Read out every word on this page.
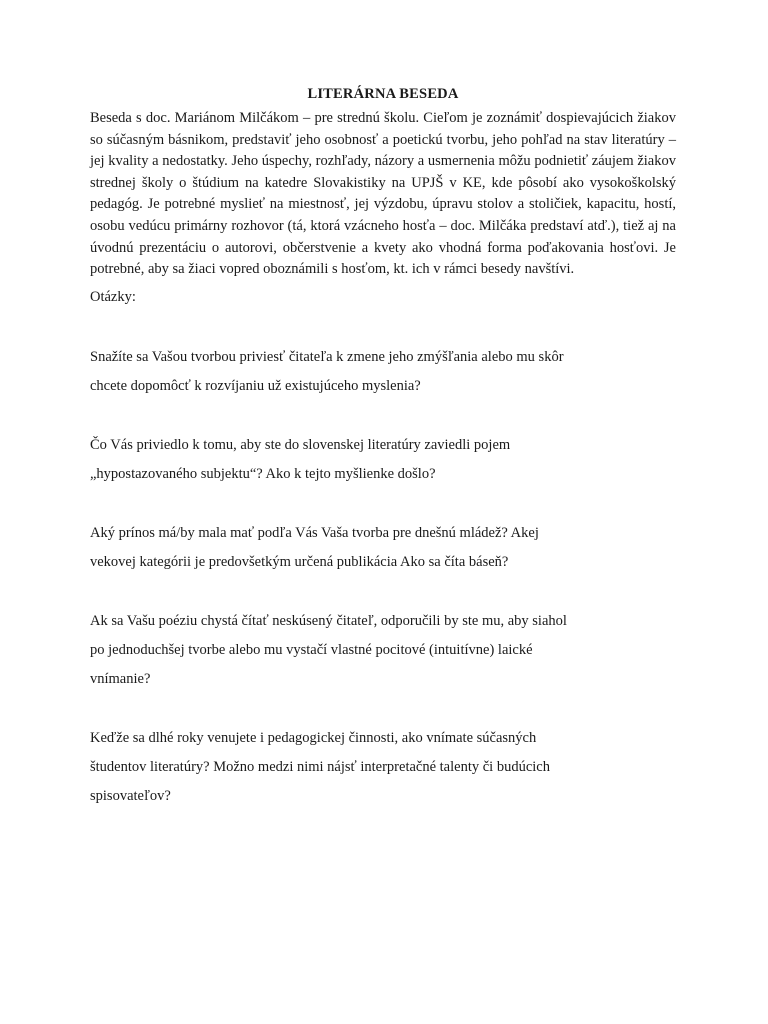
LITERÁRNA BESEDA

Beseda s doc. Mariánom Milčákom – pre strednú školu. Cieľom je zoznámiť dospievajúcich žiakov so súčasným básnikom, predstaviť jeho osobnosť a poetickú tvorbu, jeho pohľad na stav literatúry – jej kvality a nedostatky. Jeho úspechy, rozhľady, názory a usmernenia môžu podnietiť záujem žiakov strednej školy o štúdium na katedre Slovakistiky na UPJŠ v KE, kde pôsobí ako vysokoškolský pedagóg. Je potrebné myslieť na miestnosť, jej výzdobu, úpravu stolov a stoličiek, kapacitu, hostí, osobu vedúcu primárny rozhovor (tá, ktorá vzácneho hosťa – doc. Milčáka predstaví atď.), tiež aj na úvodnú prezentáciu o autorovi, občerstvenie a kvety ako vhodná forma poďakovania hosťovi. Je potrebné, aby sa žiaci vopred oboznámili s hosťom, kt. ich v rámci besedy navštívi.

Otázky:

Snažíte sa Vašou tvorbou priviesť čitateľa k zmene jeho zmýšľania alebo mu skôr
chcete dopomôcť k rozvíjaniu už existujúceho myslenia?
Čo Vás priviedlo k tomu, aby ste do slovenskej literatúry zaviedli pojem
„hypostazovaného subjektu“? Ako k tejto myšlienke došlo?
Aký prínos má/by mala mať podľa Vás Vaša tvorba pre dnešnú mládež? Akej
vekovej kategórii je predovšetkým určená publikácia Ako sa číta báseň?
Ak sa Vašu poéziu chystá čítať neskúsený čitateľ, odporučili by ste mu, aby siahol
po jednoduchšej tvorbe alebo mu vystačí vlastné pocitové (intuitívne) laické
vnímanie?
Keďže sa dlhé roky venujete i pedagogickej činnosti, ako vnímate súčasných
študentov literatúry? Možno medzi nimi nájsť interpretačné talenty či budúcich
spisovateľov?
